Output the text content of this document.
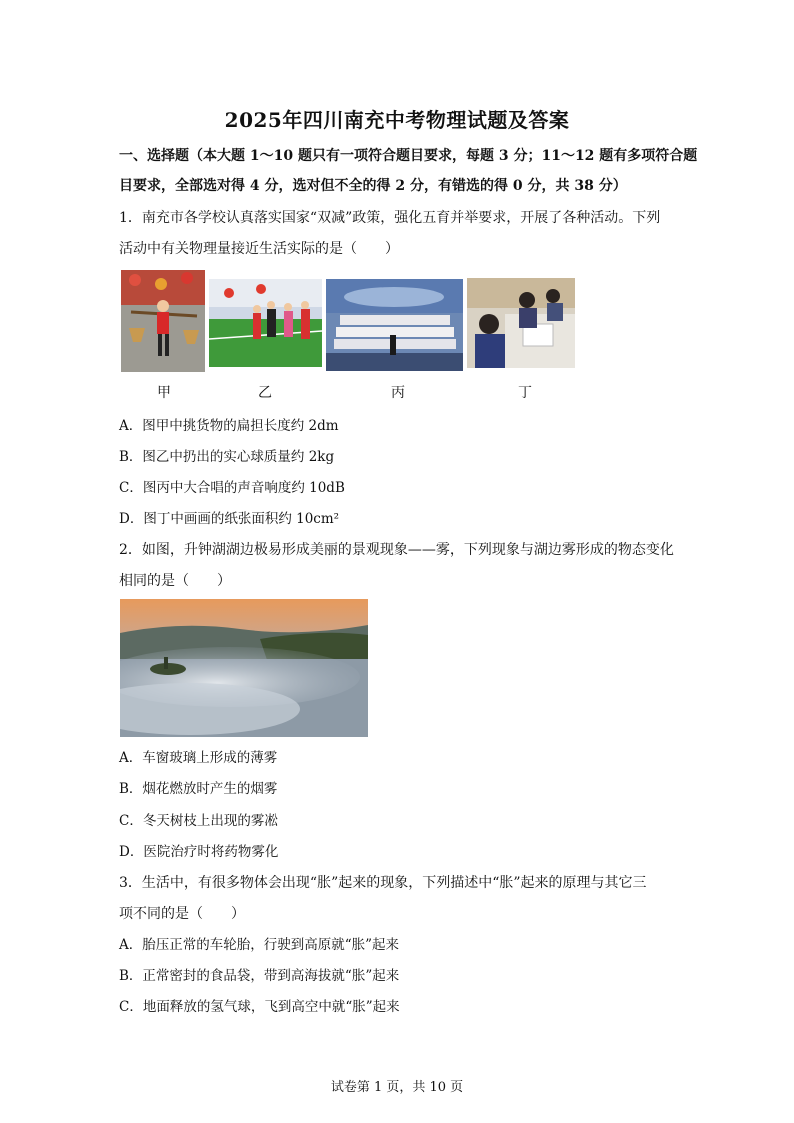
2025年四川南充中考物理试题及答案
一、选择题（本大题 1～10 题只有一项符合题目要求，每题 3 分；11～12 题有多项符合题
目要求，全部选对得 4 分，选对但不全的得 2 分，有错选的得 0 分，共 38 分）
1．南充市各学校认真落实国家“双减”政策，强化五育并举要求，开展了各种活动。下列
活动中有关物理量接近生活实际的是（　　）
甲	乙	丙	丁
A．图甲中挑货物的扁担长度约 2dm
B．图乙中扔出的实心球质量约 2kg
C．图丙中大合唱的声音响度约 10dB
D．图丁中画画的纸张面积约 10cm²
2．如图，升钟湖湖边极易形成美丽的景观现象——雾，下列现象与湖边雾形成的物态变化
相同的是（　　）
A．车窗玻璃上形成的薄雾
B．烟花燃放时产生的烟雾
C．冬天树枝上出现的雾凇
D．医院治疗时将药物雾化
3．生活中，有很多物体会出现“胀”起来的现象，下列描述中“胀”起来的原理与其它三
项不同的是（　　）
A．胎压正常的车轮胎，行驶到高原就“胀”起来
B．正常密封的食品袋，带到高海拔就“胀”起来
C．地面释放的氢气球，飞到高空中就“胀”起来
试卷第 1 页，共 10 页
